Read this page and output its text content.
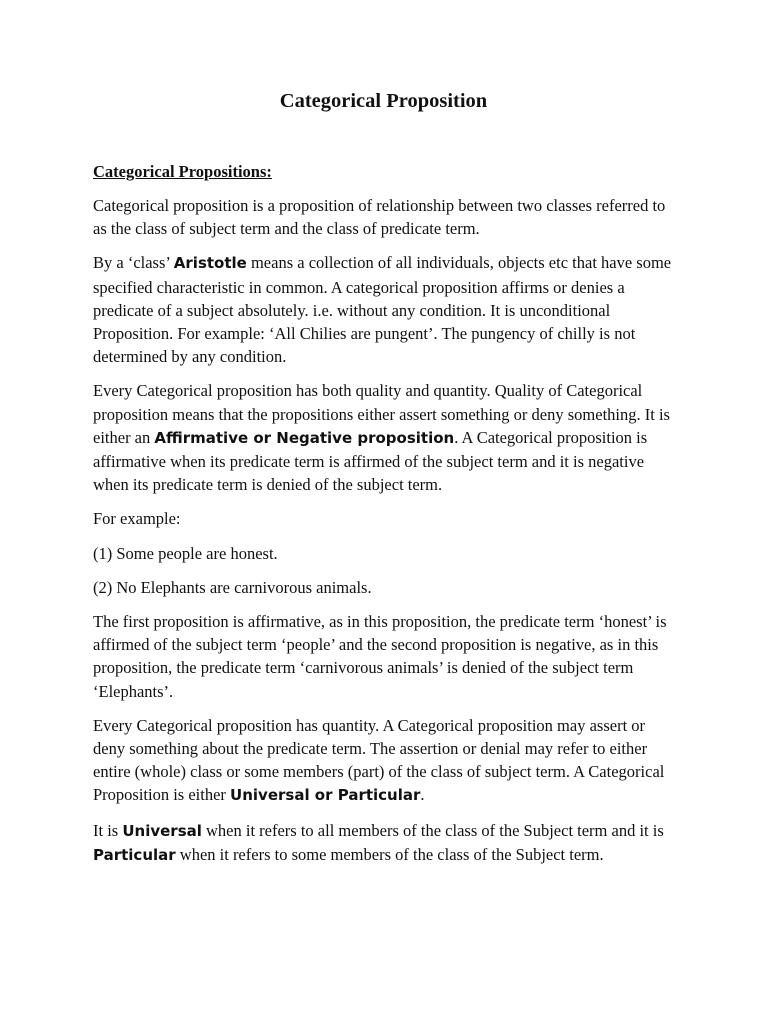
Categorical Proposition
Categorical Propositions:

Categorical proposition is a proposition of relationship between two classes referred to as the class of subject term and the class of predicate term.

By a ‘class’ Aristotle means a collection of all individuals, objects etc that have some specified characteristic in common. A categorical proposition affirms or denies a predicate of a subject absolutely. i.e. without any condition. It is unconditional Proposition. For example: ‘All Chilies are pungent’. The pungency of chilly is not determined by any condition.

Every Categorical proposition has both quality and quantity. Quality of Categorical proposition means that the propositions either assert something or deny something. It is either an Affirmative or Negative proposition. A Categorical proposition is affirmative when its predicate term is affirmed of the subject term and it is negative when its predicate term is denied of the subject term.

For example:

(1) Some people are honest.

(2) No Elephants are carnivorous animals.

The first proposition is affirmative, as in this proposition, the predicate term ‘honest’ is affirmed of the subject term ‘people’ and the second proposition is negative, as in this proposition, the predicate term ‘carnivorous animals’ is denied of the subject term ‘Elephants’.

Every Categorical proposition has quantity. A Categorical proposition may assert or deny something about the predicate term. The assertion or denial may refer to either entire (whole) class or some members (part) of the class of subject term. A Categorical Proposition is either Universal or Particular.

It is Universal when it refers to all members of the class of the Subject term and it is Particular when it refers to some members of the class of the Subject term.
